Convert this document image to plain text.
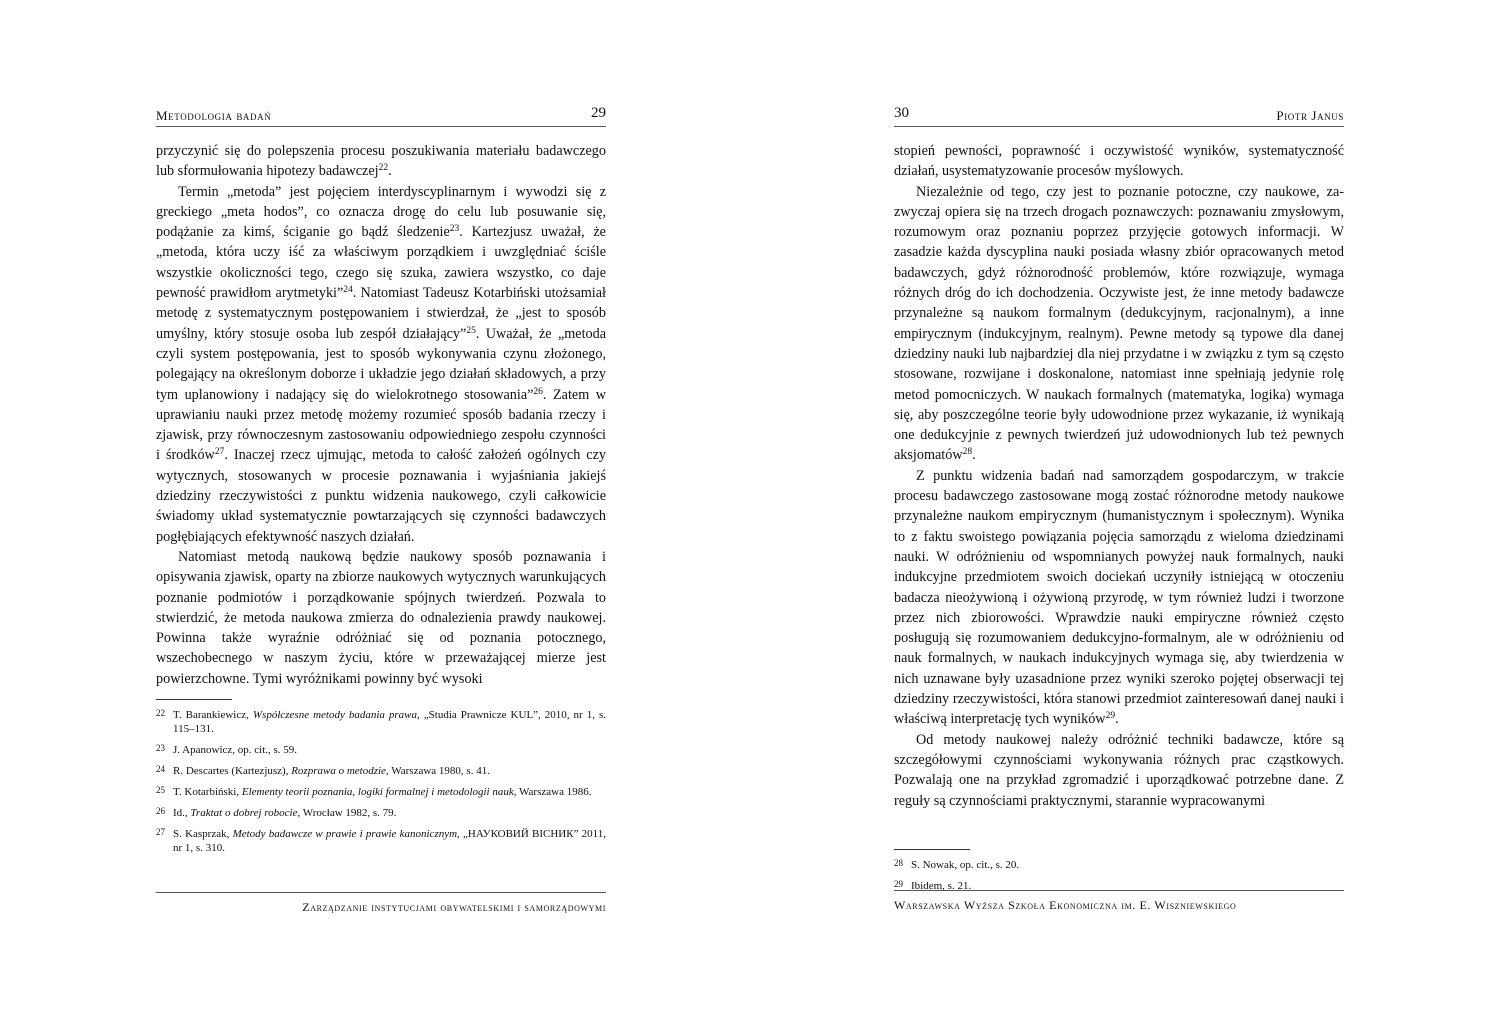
Metodologia badań	29

przyczynić się do polepszenia procesu poszukiwania materiału badawczego lub sformułowania hipotezy badawczej$^{22}$.

Termin „metoda” jest pojęciem interdyscyplinarnym i wywodzi się z greckiego „meta hodos”, co oznacza drogę do celu lub posuwanie się, podążanie za kimś, ściganie go bądź śledzenie$^{23}$. Kartezjusz uważał, że „metoda, która uczy iść za właściwym porządkiem i uwzględniać ściśle wszystkie okoliczności tego, czego się szuka, zawiera wszystko, co daje pewność prawidłom arytmetyki”$^{24}$. Natomiast Tadeusz Kotarbiński utożsamiał metodę z systematycznym postępowaniem i stwierdzał, że „jest to sposób umyślny, który stosuje osoba lub zespół działający”$^{25}$. Uważał, że „metoda czyli system postępowania, jest to sposób wykonywania czynu złożonego, polegający na określonym doborze i układzie jego działań składowych, a przy tym uplanowiony i nadający się do wielokrotnego stosowania”$^{26}$. Zatem w uprawianiu nauki przez metodę możemy rozumieć sposób badania rzeczy i zjawisk, przy równoczesnym zastosowaniu odpowiedniego zespołu czynności i środków$^{27}$. Inaczej rzecz ujmując, metoda to całość założeń ogólnych czy wytycznych, stosowanych w procesie poznawania i wyjaśniania jakiejś dziedziny rzeczywistości z punktu widzenia naukowego, czyli całkowicie świadomy układ systematycznie powtarzających się czynności badawczych pogłębiających efektywność naszych działań.

Natomiast metodą naukową będzie naukowy sposób poznawania i opisywania zjawisk, oparty na zbiorze naukowych wytycznych warunkujących poznanie podmiotów i porządkowanie spójnych twierdzeń. Pozwala to stwierdzić, że metoda naukowa zmierza do odnalezienia prawdy naukowej. Powinna także wyraźnie odróżniać się od poznania potocznego, wszechobecnego w naszym życiu, które w przeważającej mierze jest powierzchowne. Tymi wyróżnikami powinny być wysoki

22 T. Barankiewicz, Współczesne metody badania prawa, „Studia Prawnicze KUL”, 2010, nr 1, s. 115–131.
23 J. Apanowicz, op. cit., s. 59.
24 R. Descartes (Kartezjusz), Rozprawa o metodzie, Warszawa 1980, s. 41.
25 T. Kotarbiński, Elementy teorii poznania, logiki formalnej i metodologii nauk, Warszawa 1986.
26 Id., Traktat o dobrej robocie, Wrocław 1982, s. 79.
27 S. Kasprzak, Metody badawcze w prawie i prawie kanonicznym, „НАУКОВИЙ ВІСНИК” 2011, nr 1, s. 310.
Zarządzanie instytucjami obywatelskimi i samorządowymi
30	Piotr Janus

stopień pewności, poprawność i oczywistość wyników, systematyczność działań, usystematyzowanie procesów myślowych.

Niezależnie od tego, czy jest to poznanie potoczne, czy naukowe, zazwyczaj opiera się na trzech drogach poznawczych: poznawaniu zmysłowym, rozumowym oraz poznaniu poprzez przyjęcie gotowych informacji. W zasadzie każda dyscyplina nauki posiada własny zbiór opracowanych metod badawczych, gdyż różnorodność problemów, które rozwiązuje, wymaga różnych dróg do ich dochodzenia. Oczywiste jest, że inne metody badawcze przynależne są naukom formalnym (dedukcyjnym, racjonalnym), a inne empirycznym (indukcyjnym, realnym). Pewne metody są typowe dla danej dziedziny nauki lub najbardziej dla niej przydatne i w związku z tym są często stosowane, rozwijane i doskonalone, natomiast inne spełniają jedynie rolę metod pomocniczych. W naukach formalnych (matematyka, logika) wymaga się, aby poszczególne teorie były udowodnione przez wykazanie, iż wynikają one dedukcyjnie z pewnych twierdzeń już udowodnionych lub też pewnych aksjomatów$^{28}$.

Z punktu widzenia badań nad samorządem gospodarczym, w trakcie procesu badawczego zastosowane mogą zostać różnorodne metody naukowe przynależne naukom empirycznym (humanistycznym i społecznym). Wynika to z faktu swoistego powiązania pojęcia samorządu z wieloma dziedzinami nauki. W odróżnieniu od wspomnianych powyżej nauk formalnych, nauki indukcyjne przedmiotem swoich dociekań uczyniły istniejącą w otoczeniu badacza nieożywioną i ożywioną przyrodę, w tym również ludzi i tworzone przez nich zbiorowości. Wprawdzie nauki empiryczne również często posługują się rozumowaniem dedukcyjno-formalnym, ale w odróżnieniu od nauk formalnych, w naukach indukcyjnych wymaga się, aby twierdzenia w nich uznawane były uzasadnione przez wyniki szeroko pojętej obserwacji tej dziedziny rzeczywistości, która stanowi przedmiot zainteresowań danej nauki i właściwą interpretację tych wyników$^{29}$.

Od metody naukowej należy odróżnić techniki badawcze, które są szczegółowymi czynnościami wykonywania różnych prac cząstkowych. Pozwalają one na przykład zgromadzić i uporządkować potrzebne dane. Z reguły są czynnościami praktycznymi, starannie wypracowanymi

28 S. Nowak, op. cit., s. 20.
29 Ibidem, s. 21.
Warszawska Wyższa Szkoła Ekonomiczna im. E. Wiszniewskiego
